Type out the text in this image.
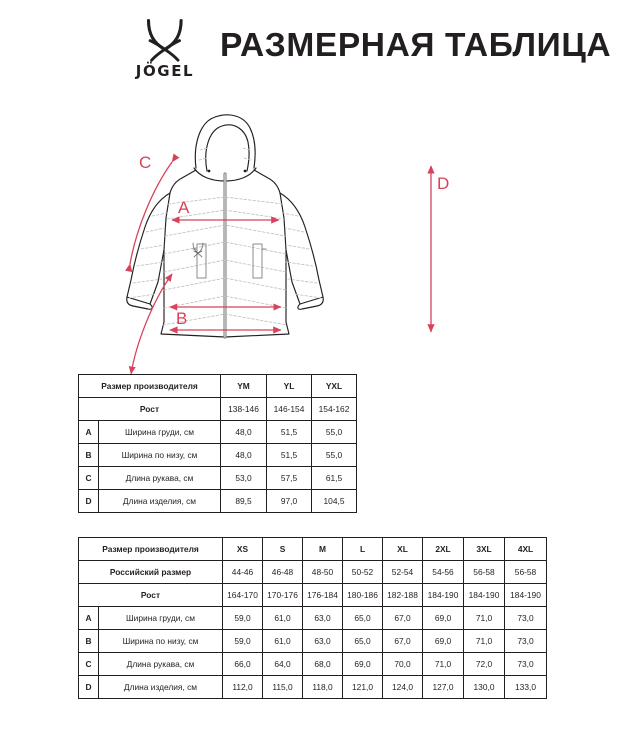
JÖGEL
РАЗМЕРНАЯ ТАБЛИЦА
A
B
C
D
Размер производителя		YM	YL	YXL
Рост		138-146	146-154	154-162
A	Ширина груди, см	48,0	51,5	55,0
B	Ширина по низу, см	48,0	51,5	55,0
C	Длина рукава, см	53,0	57,5	61,5
D	Длина изделия, см	89,5	97,0	104,5
Размер производителя		XS	S	M	L	XL	2XL	3XL	4XL
Российский размер		44-46	46-48	48-50	50-52	52-54	54-56	56-58	56-58
Рост		164-170	170-176	176-184	180-186	182-188	184-190	184-190	184-190
A	Ширина груди, см	59,0	61,0	63,0	65,0	67,0	69,0	71,0	73,0
B	Ширина по низу, см	59,0	61,0	63,0	65,0	67,0	69,0	71,0	73,0
C	Длина рукава, см	66,0	64,0	68,0	69,0	70,0	71,0	72,0	73,0
D	Длина изделия, см	112,0	115,0	118,0	121,0	124,0	127,0	130,0	133,0
